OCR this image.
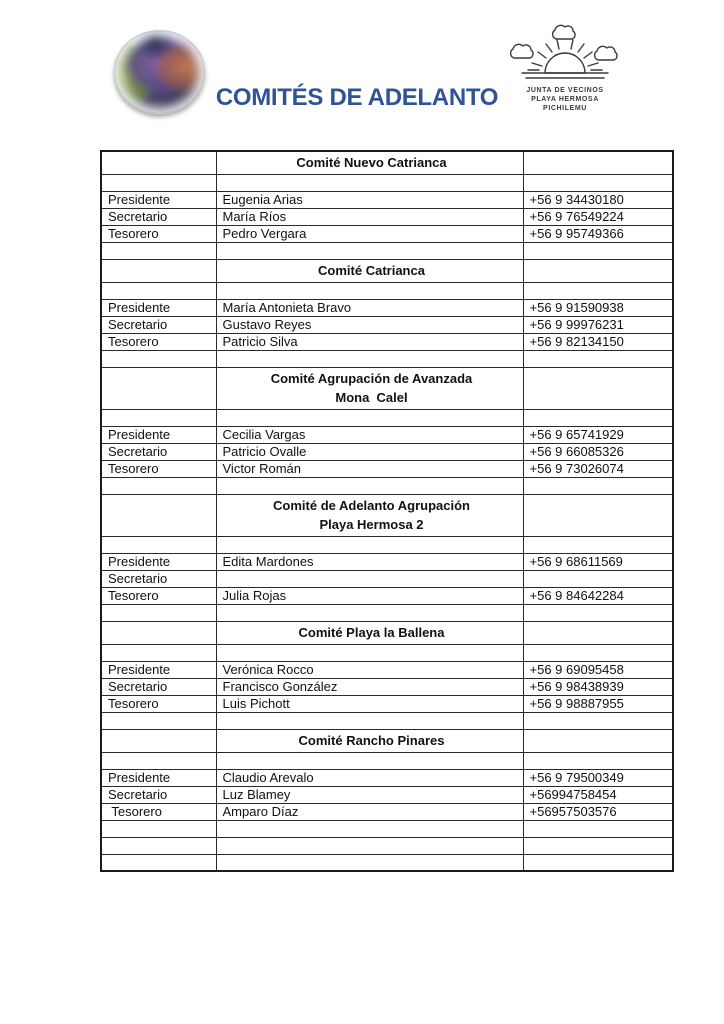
COMITÉS DE ADELANTO	JUNTA DE VECINOS
PLAYA HERMOSA
PICHILEMU

	Comité Nuevo Catrianca	

Presidente	Eugenia Arias	+56 9 34430180
Secretario	María Ríos	+56 9 76549224
Tesorero	Pedro Vergara	+56 9 95749366

	Comité Catrianca	

Presidente	María Antonieta Bravo	+56 9 91590938
Secretario	Gustavo Reyes	+56 9 99976231
Tesorero	Patricio Silva	+56 9 82134150

	Comité Agrupación de Avanzada
Mona  Calel	

Presidente	Cecilia Vargas	+56 9 65741929
Secretario	Patricio Ovalle	+56 9 66085326
Tesorero	Victor Román	+56 9 73026074

	Comité de Adelanto Agrupación
Playa Hermosa 2	

Presidente	Edita Mardones	+56 9 68611569
Secretario		
Tesorero	Julia Rojas	+56 9 84642284

	Comité Playa la Ballena	

Presidente	Verónica Rocco	+56 9 69095458
Secretario	Francisco González	+56 9 98438939
Tesorero	Luis Pichott	+56 9 98887955

	Comité Rancho Pinares	

Presidente	Claudio Arevalo	+56 9 79500349
Secretario	Luz Blamey	+56994758454
Tesorero	Amparo Díaz	+56957503576
